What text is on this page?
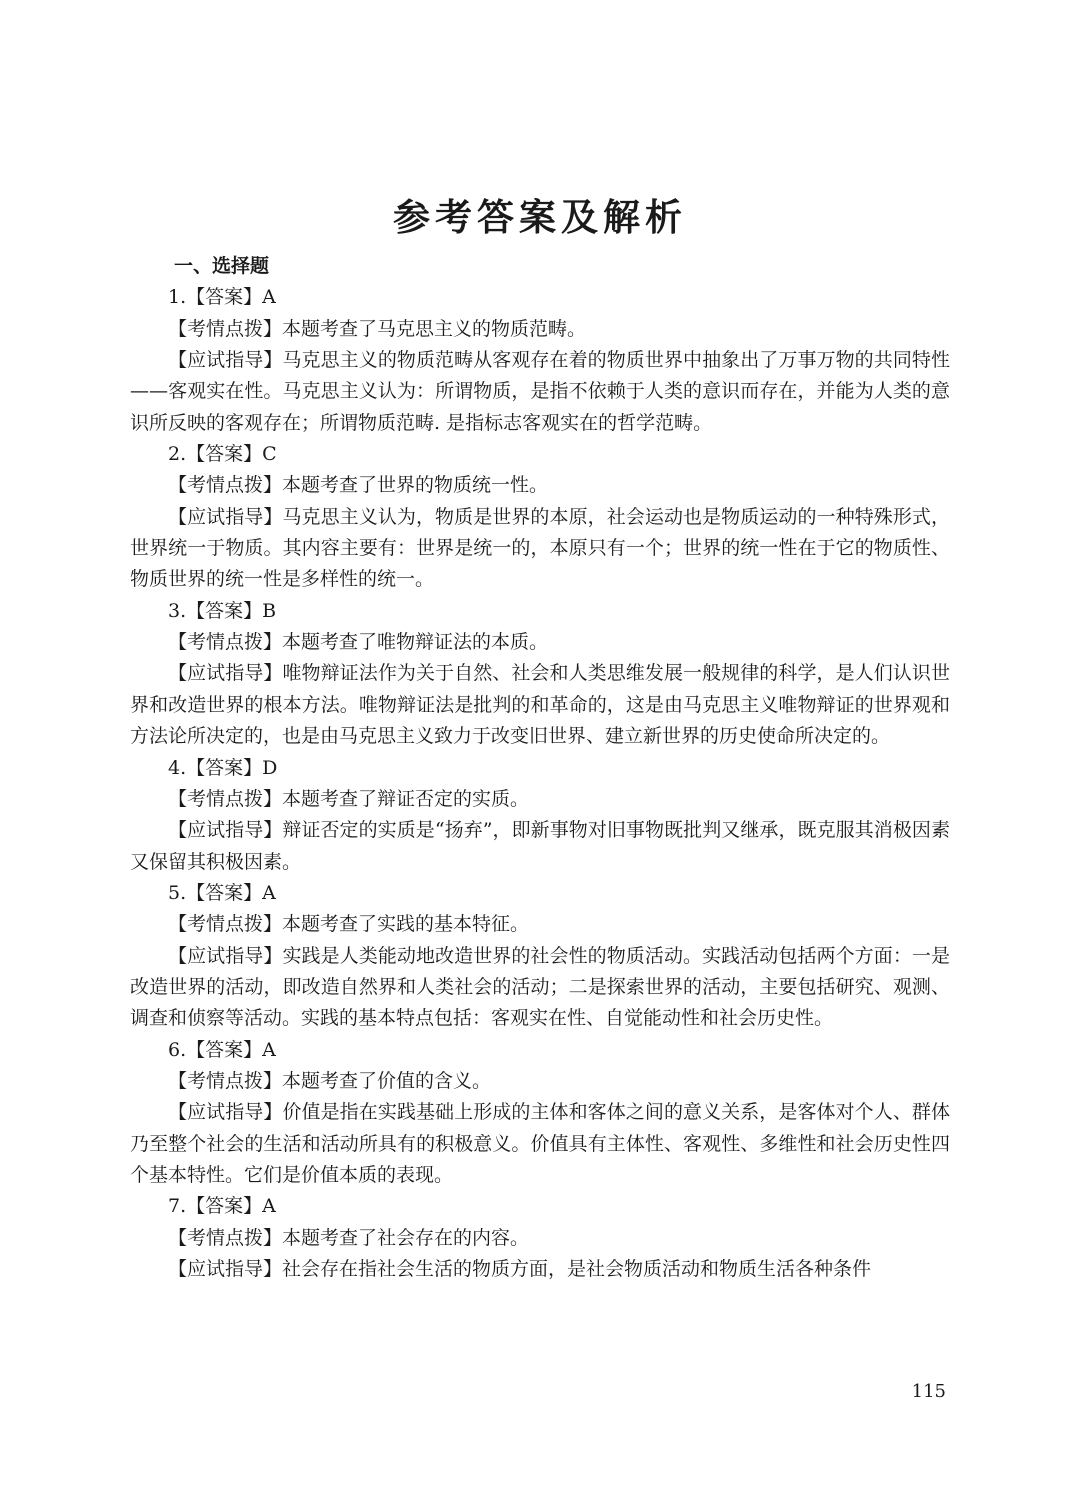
参考答案及解析
一、选择题

1.【答案】A

【考情点拨】本题考查了马克思主义的物质范畴。

【应试指导】马克思主义的物质范畴从客观存在着的物质世界中抽象出了万事万物的共同特性——客观实在性。马克思主义认为：所谓物质，是指不依赖于人类的意识而存在，并能为人类的意识所反映的客观存在；所谓物质范畴. 是指标志客观实在的哲学范畴。

2.【答案】C

【考情点拨】本题考查了世界的物质统一性。

【应试指导】马克思主义认为，物质是世界的本原，社会运动也是物质运动的一种特殊形式，世界统一于物质。其内容主要有：世界是统一的，本原只有一个；世界的统一性在于它的物质性、物质世界的统一性是多样性的统一。

3.【答案】B

【考情点拨】本题考查了唯物辩证法的本质。

【应试指导】唯物辩证法作为关于自然、社会和人类思维发展一般规律的科学，是人们认识世界和改造世界的根本方法。唯物辩证法是批判的和革命的，这是由马克思主义唯物辩证的世界观和方法论所决定的，也是由马克思主义致力于改变旧世界、建立新世界的历史使命所决定的。

4.【答案】D

【考情点拨】本题考查了辩证否定的实质。

【应试指导】辩证否定的实质是“扬弃”，即新事物对旧事物既批判又继承，既克服其消极因素又保留其积极因素。

5.【答案】A

【考情点拨】本题考查了实践的基本特征。

【应试指导】实践是人类能动地改造世界的社会性的物质活动。实践活动包括两个方面：一是改造世界的活动，即改造自然界和人类社会的活动；二是探索世界的活动，主要包括研究、观测、调查和侦察等活动。实践的基本特点包括：客观实在性、自觉能动性和社会历史性。

6.【答案】A

【考情点拨】本题考查了价值的含义。

【应试指导】价值是指在实践基础上形成的主体和客体之间的意义关系，是客体对个人、群体乃至整个社会的生活和活动所具有的积极意义。价值具有主体性、客观性、多维性和社会历史性四个基本特性。它们是价值本质的表现。

7.【答案】A

【考情点拨】本题考查了社会存在的内容。

【应试指导】社会存在指社会生活的物质方面，是社会物质活动和物质生活各种条件

115
